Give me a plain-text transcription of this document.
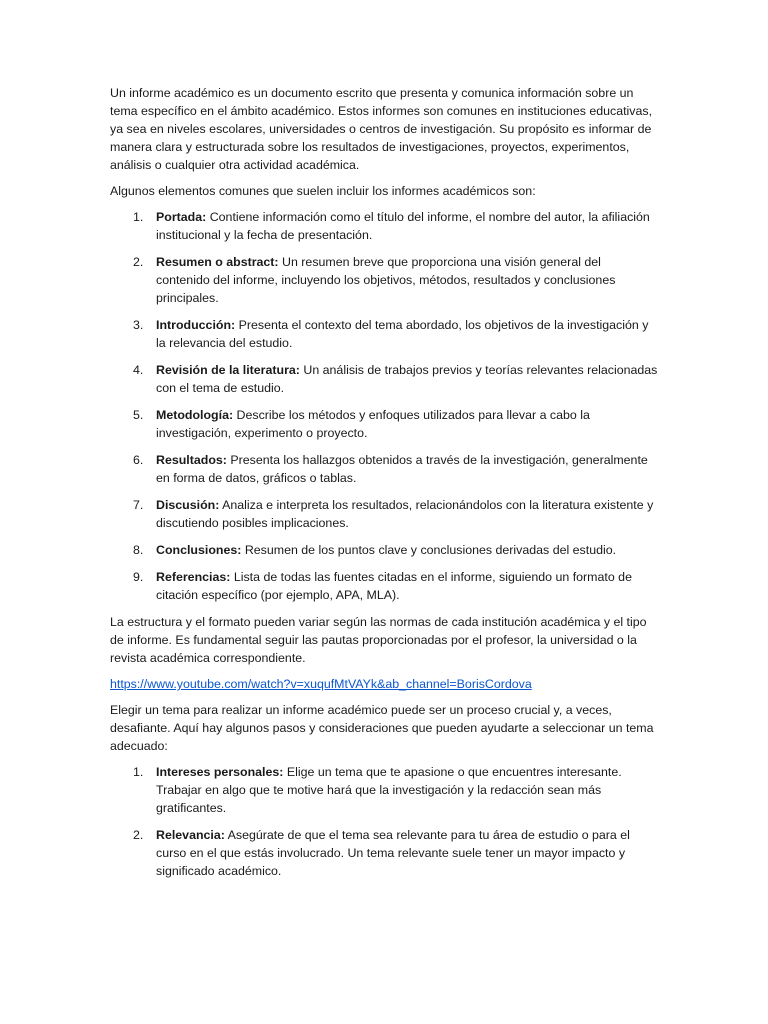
Un informe académico es un documento escrito que presenta y comunica información sobre un tema específico en el ámbito académico. Estos informes son comunes en instituciones educativas, ya sea en niveles escolares, universidades o centros de investigación. Su propósito es informar de manera clara y estructurada sobre los resultados de investigaciones, proyectos, experimentos, análisis o cualquier otra actividad académica.

Algunos elementos comunes que suelen incluir los informes académicos son:

1. Portada: Contiene información como el título del informe, el nombre del autor, la afiliación institucional y la fecha de presentación.
2. Resumen o abstract: Un resumen breve que proporciona una visión general del contenido del informe, incluyendo los objetivos, métodos, resultados y conclusiones principales.
3. Introducción: Presenta el contexto del tema abordado, los objetivos de la investigación y la relevancia del estudio.
4. Revisión de la literatura: Un análisis de trabajos previos y teorías relevantes relacionadas con el tema de estudio.
5. Metodología: Describe los métodos y enfoques utilizados para llevar a cabo la investigación, experimento o proyecto.
6. Resultados: Presenta los hallazgos obtenidos a través de la investigación, generalmente en forma de datos, gráficos o tablas.
7. Discusión: Analiza e interpreta los resultados, relacionándolos con la literatura existente y discutiendo posibles implicaciones.
8. Conclusiones: Resumen de los puntos clave y conclusiones derivadas del estudio.
9. Referencias: Lista de todas las fuentes citadas en el informe, siguiendo un formato de citación específico (por ejemplo, APA, MLA).

La estructura y el formato pueden variar según las normas de cada institución académica y el tipo de informe. Es fundamental seguir las pautas proporcionadas por el profesor, la universidad o la revista académica correspondiente.

https://www.youtube.com/watch?v=xuqufMtVAYk&ab_channel=BorisCordova

Elegir un tema para realizar un informe académico puede ser un proceso crucial y, a veces, desafiante. Aquí hay algunos pasos y consideraciones que pueden ayudarte a seleccionar un tema adecuado:

1. Intereses personales: Elige un tema que te apasione o que encuentres interesante. Trabajar en algo que te motive hará que la investigación y la redacción sean más gratificantes.
2. Relevancia: Asegúrate de que el tema sea relevante para tu área de estudio o para el curso en el que estás involucrado. Un tema relevante suele tener un mayor impacto y significado académico.
